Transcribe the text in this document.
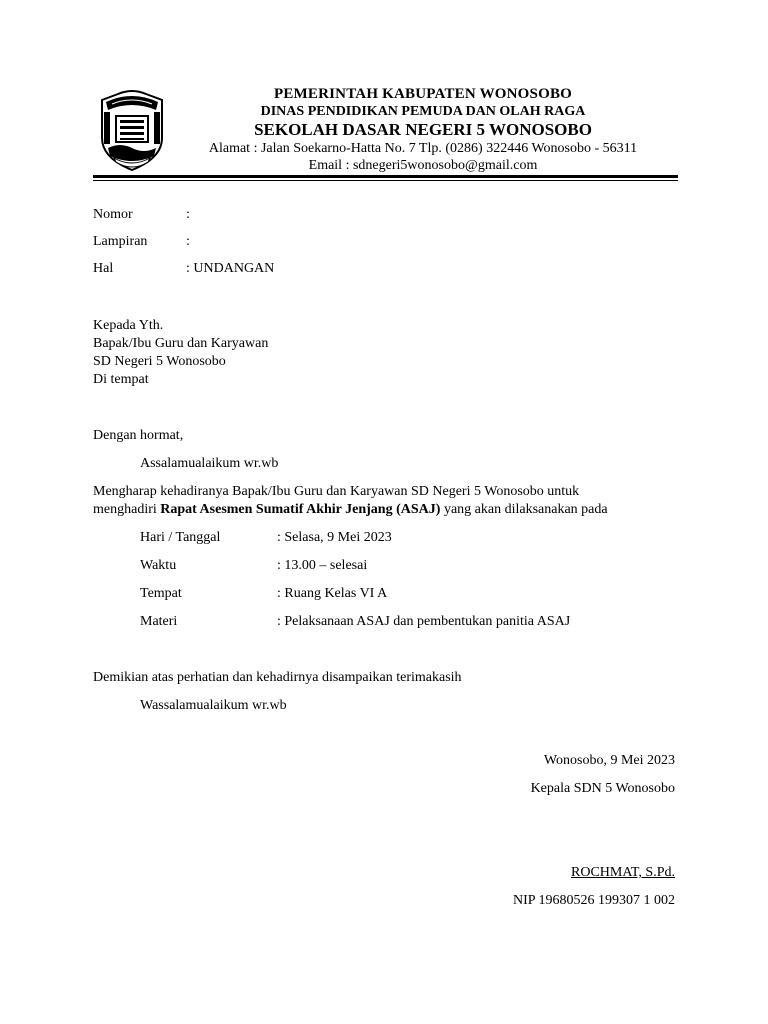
PEMERINTAH KABUPATEN WONOSOBO
DINAS PENDIDIKAN PEMUDA DAN OLAH RAGA
SEKOLAH DASAR NEGERI 5 WONOSOBO
Alamat : Jalan Soekarno-Hatta No. 7 Tlp. (0286) 322446 Wonosobo - 56311
Email : sdnegeri5wonosobo@gmail.com
Nomor	:
Lampiran	:
Hal	: UNDANGAN
Kepada Yth.
Bapak/Ibu Guru dan Karyawan
SD Negeri 5 Wonosobo
Di tempat
Dengan hormat,
Assalamualaikum wr.wb
Mengharap kehadiranya Bapak/Ibu Guru dan Karyawan SD Negeri 5 Wonosobo untuk
menghadiri Rapat Asesmen Sumatif Akhir Jenjang (ASAJ) yang akan dilaksanakan pada
Hari / Tanggal	: Selasa, 9 Mei 2023
Waktu	: 13.00 – selesai
Tempat	: Ruang Kelas VI A
Materi	: Pelaksanaan ASAJ dan pembentukan panitia ASAJ
Demikian atas perhatian dan kehadirnya disampaikan terimakasih
Wassalamualaikum wr.wb
Wonosobo, 9 Mei 2023
Kepala SDN 5 Wonosobo
ROCHMAT, S.Pd.
NIP 19680526 199307 1 002
